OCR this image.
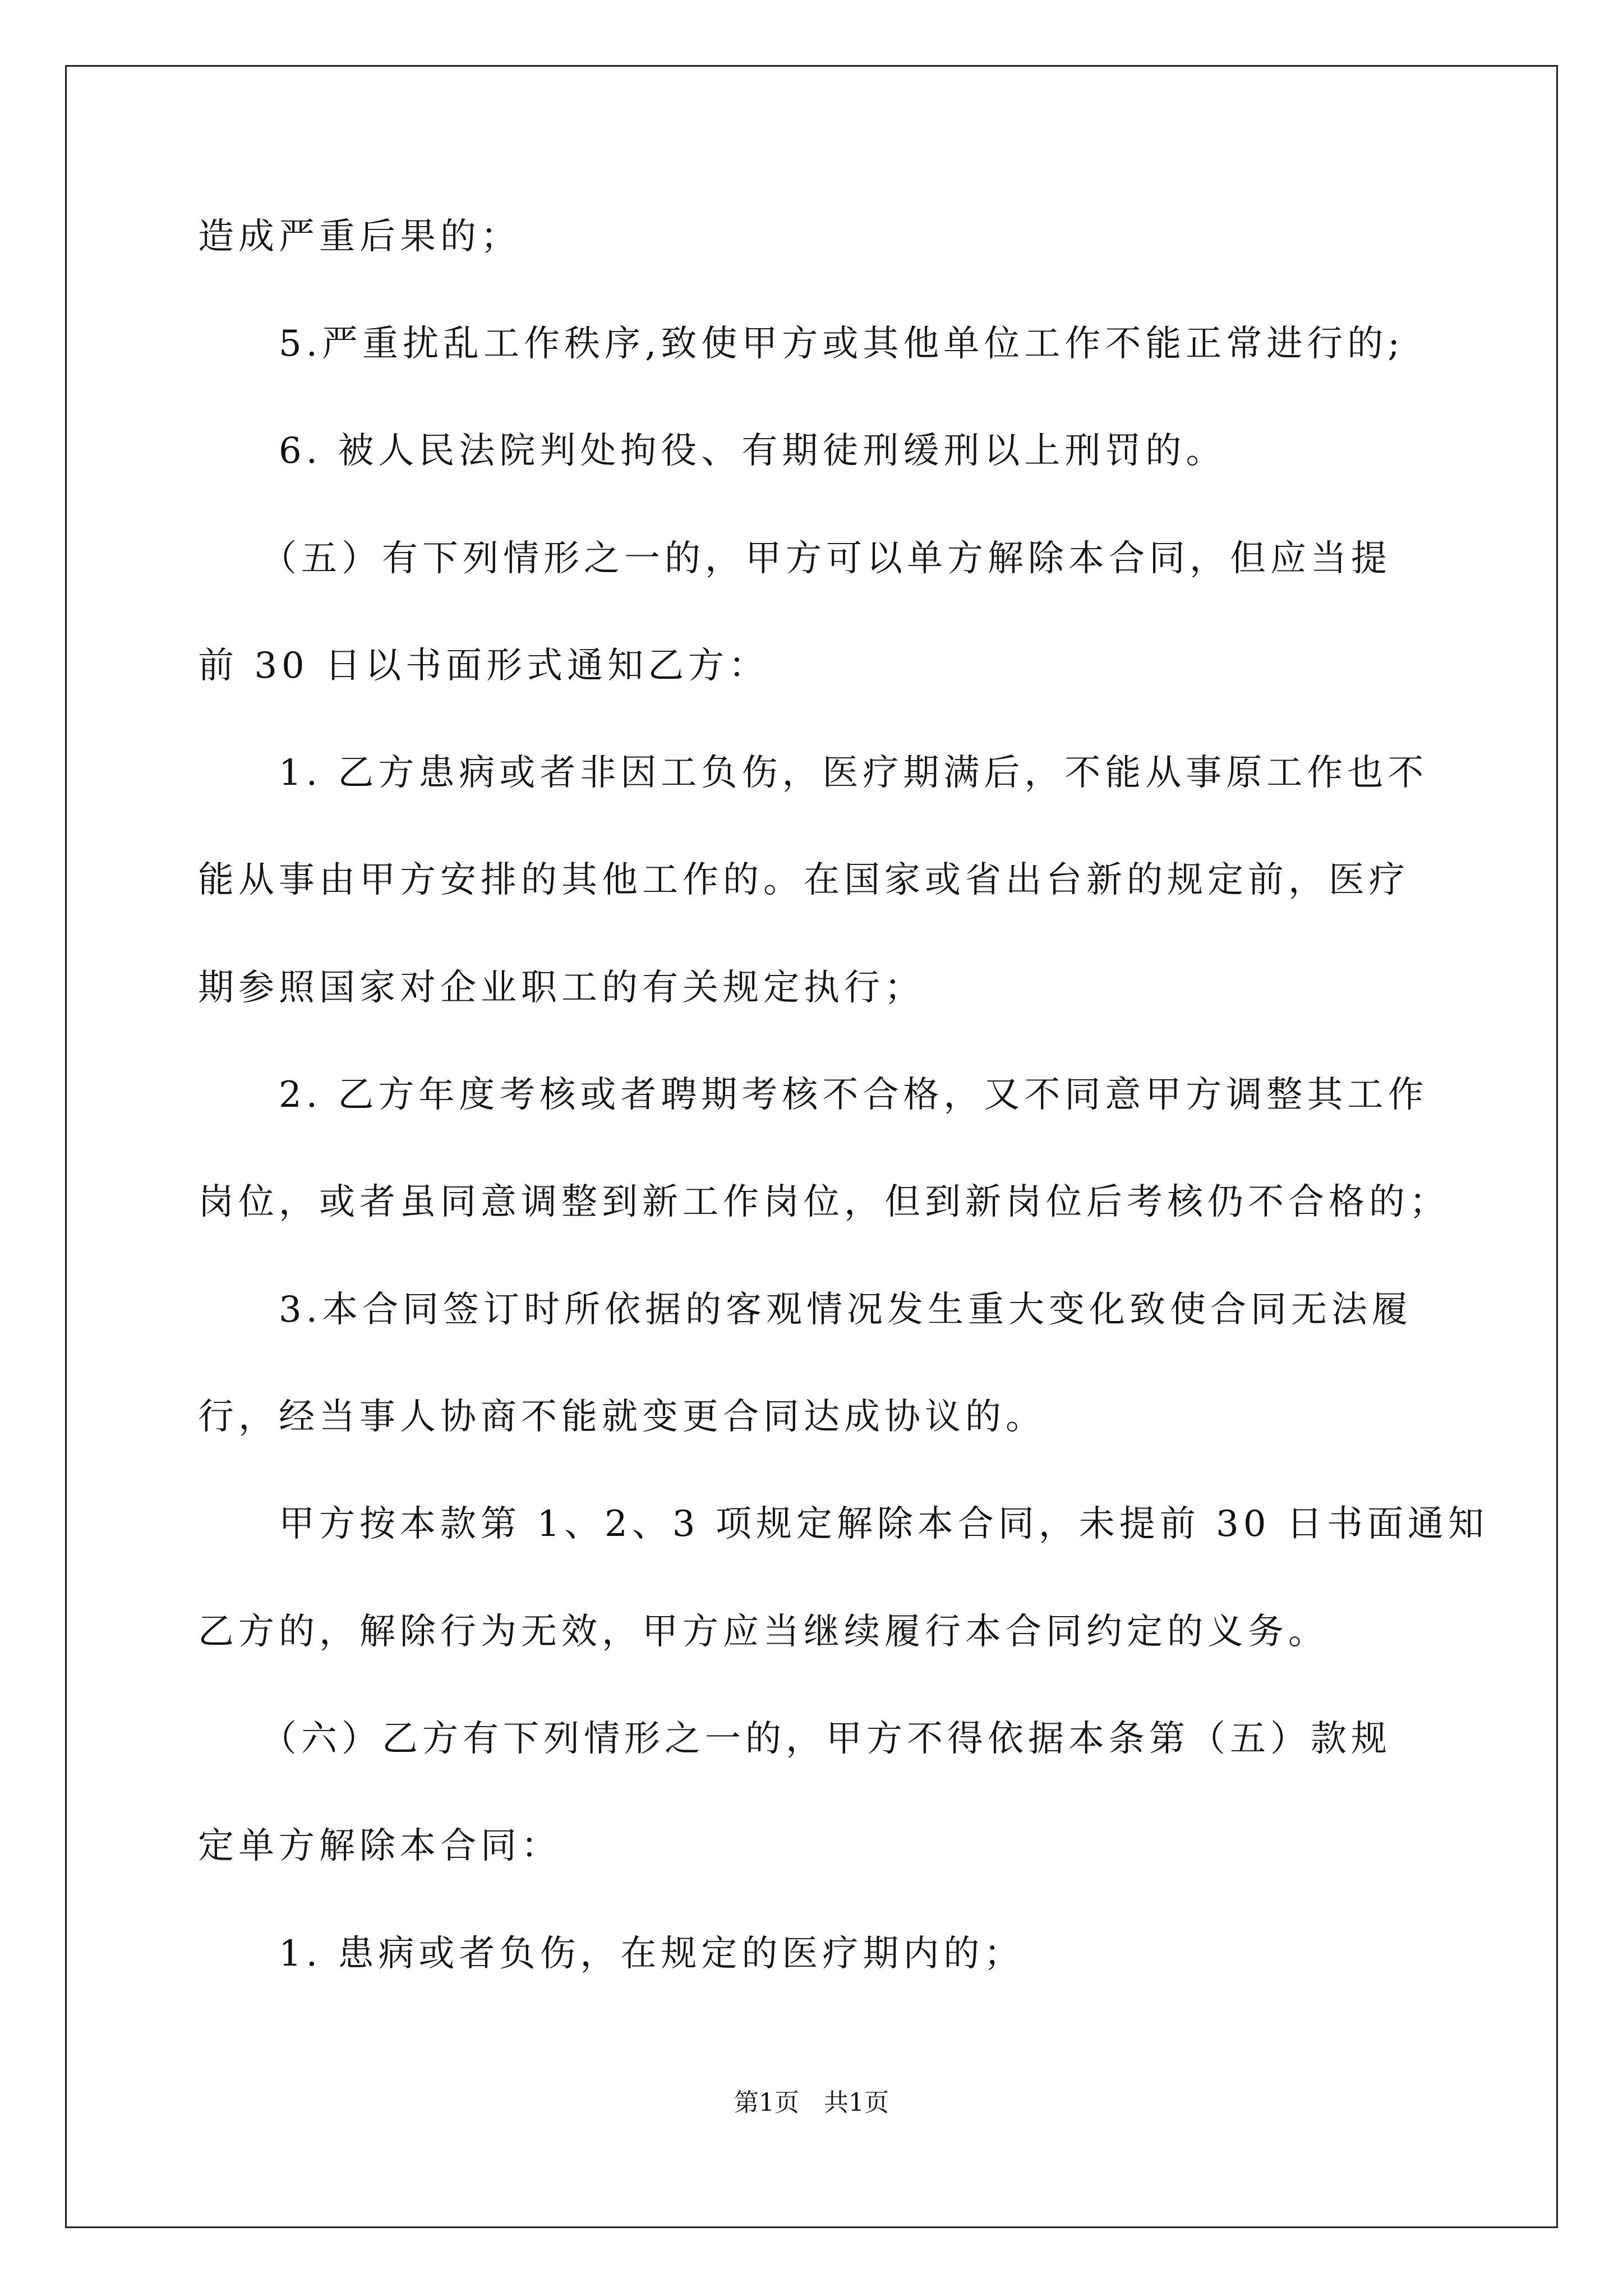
造成严重后果的；
　　5.严重扰乱工作秩序,致使甲方或其他单位工作不能正常进行的;
　　6. 被人民法院判处拘役、有期徒刑缓刑以上刑罚的。
　　（五）有下列情形之一的，甲方可以单方解除本合同，但应当提
前 30 日以书面形式通知乙方：
　　1. 乙方患病或者非因工负伤，医疗期满后，不能从事原工作也不
能从事由甲方安排的其他工作的。在国家或省出台新的规定前，医疗
期参照国家对企业职工的有关规定执行；
　　2. 乙方年度考核或者聘期考核不合格，又不同意甲方调整其工作
岗位，或者虽同意调整到新工作岗位，但到新岗位后考核仍不合格的；
　　3.本合同签订时所依据的客观情况发生重大变化致使合同无法履
行，经当事人协商不能就变更合同达成协议的。
　　甲方按本款第 1、2、3 项规定解除本合同，未提前 30 日书面通知
乙方的，解除行为无效，甲方应当继续履行本合同约定的义务。
　　（六）乙方有下列情形之一的，甲方不得依据本条第（五）款规
定单方解除本合同：
　　1. 患病或者负伤，在规定的医疗期内的；
第1页　共1页
